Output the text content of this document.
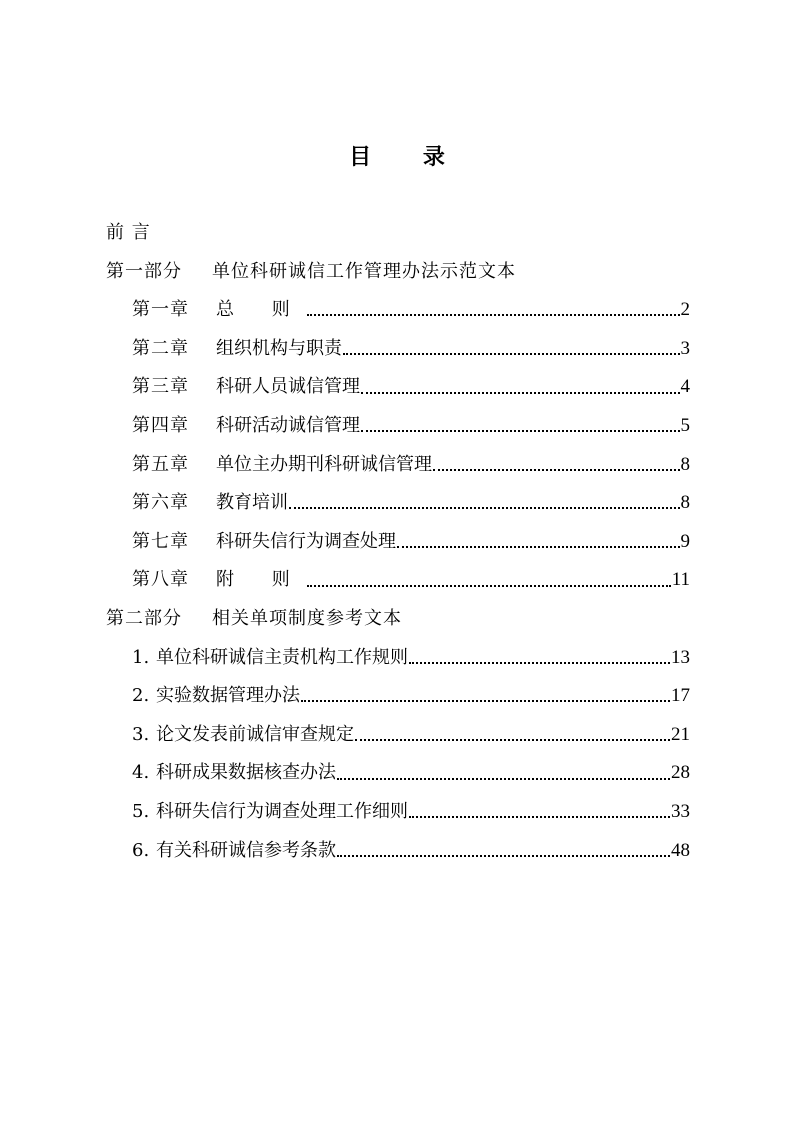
目 录
前 言
第一部分	单位科研诚信工作管理办法示范文本
第一章	总 则	2
第二章	组织机构与职责	3
第三章	科研人员诚信管理	4
第四章	科研活动诚信管理	5
第五章	单位主办期刊科研诚信管理	8
第六章	教育培训	8
第七章	科研失信行为调查处理	9
第八章	附 则	11
第二部分	相关单项制度参考文本
1. 单位科研诚信主责机构工作规则	13
2. 实验数据管理办法	17
3. 论文发表前诚信审查规定	21
4. 科研成果数据核查办法	28
5. 科研失信行为调查处理工作细则	33
6. 有关科研诚信参考条款	48
